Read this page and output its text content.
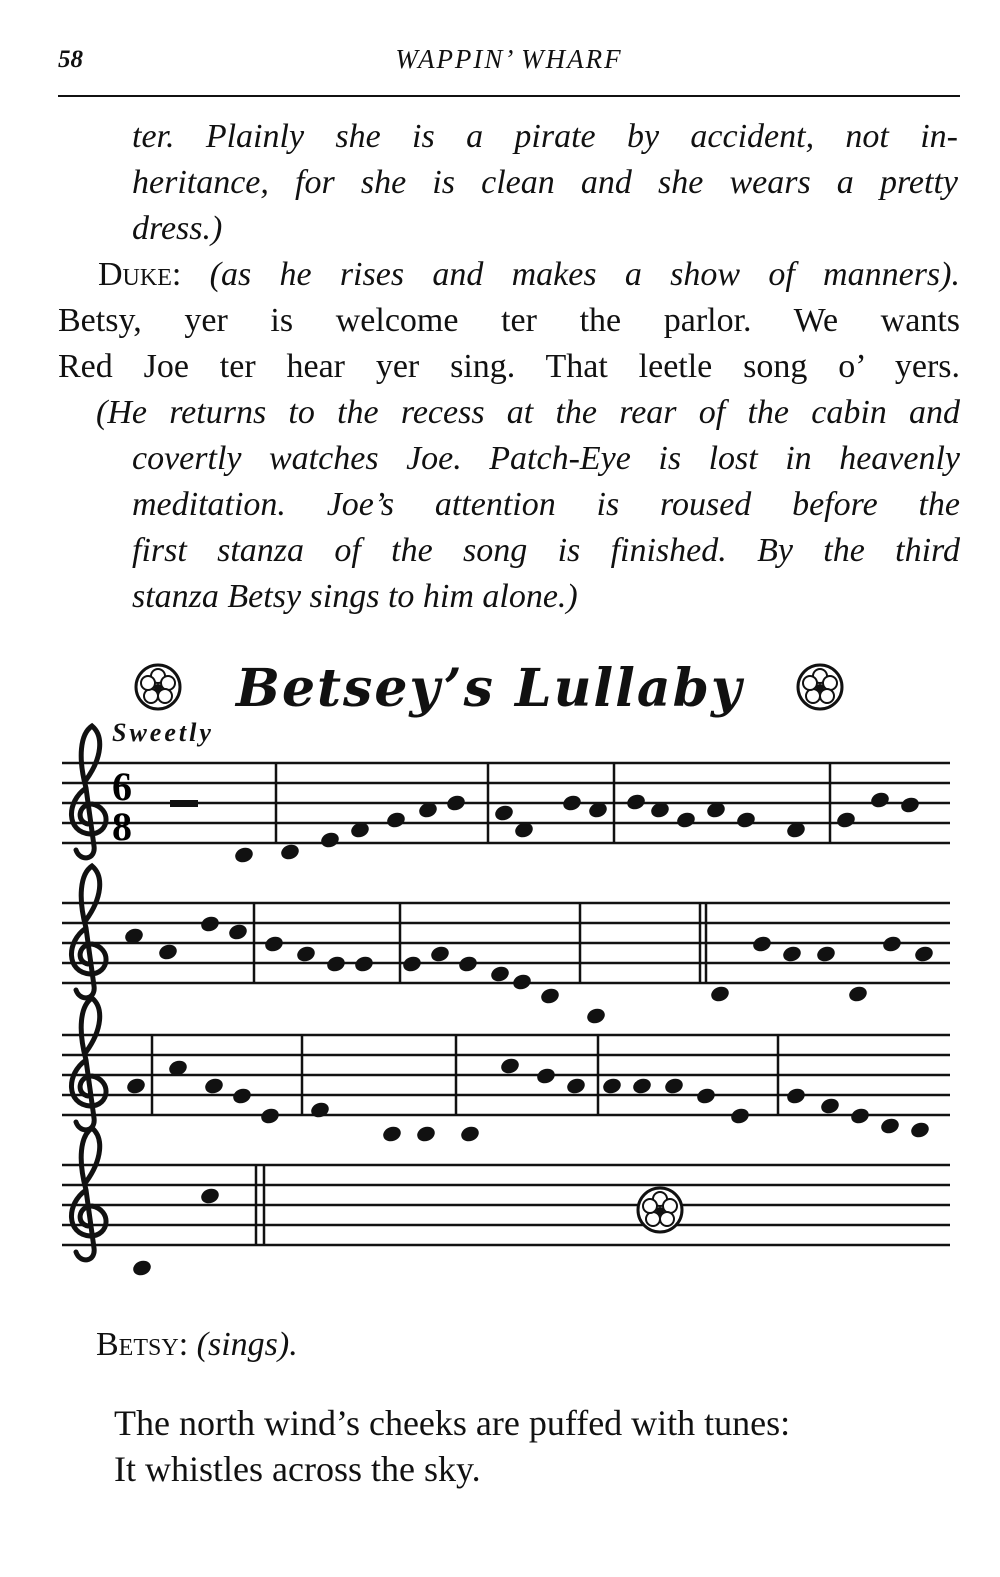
58	WAPPIN’ WHARF

ter. Plainly she is a pirate by accident, not in-
heritance, for she is clean and she wears a pretty
dress.)

Duke: (as he rises and makes a show of manners).
Betsy, yer is welcome ter the parlor. We wants
Red Joe ter hear yer sing. That leetle song o’ yers.

(He returns to the recess at the rear of the cabin and
covertly watches Joe. Patch-Eye is lost in heavenly
meditation. Joe’s attention is roused before the
first stanza of the song is finished. By the third
stanza Betsy sings to him alone.)

Betsey’s Lullaby
Sweetly
6
8

Betsy: (sings).

The north wind’s cheeks are puffed with tunes:
It whistles across the sky.
